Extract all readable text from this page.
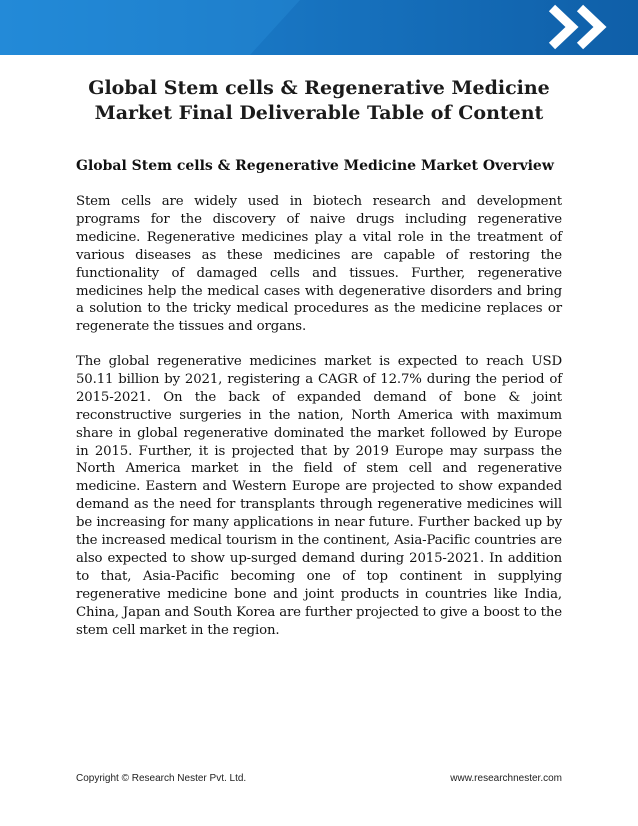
Global Stem cells & Regenerative Medicine
Market Final Deliverable Table of Content
Global Stem cells & Regenerative Medicine Market Overview

Stem cells are widely used in biotech research and development programs for the discovery of naive drugs including regenerative medicine. Regenerative medicines play a vital role in the treatment of various diseases as these medicines are capable of restoring the functionality of damaged cells and tissues. Further, regenerative medicines help the medical cases with degenerative disorders and bring a solution to the tricky medical procedures as the medicine replaces or regenerate the tissues and organs.

The global regenerative medicines market is expected to reach USD 50.11 billion by 2021, registering a CAGR of 12.7% during the period of 2015-2021. On the back of expanded demand of bone & joint reconstructive surgeries in the nation, North America with maximum share in global regenerative dominated the market followed by Europe in 2015. Further, it is projected that by 2019 Europe may surpass the North America market in the field of stem cell and regenerative medicine. Eastern and Western Europe are projected to show expanded demand as the need for transplants through regenerative medicines will be increasing for many applications in near future. Further backed up by the increased medical tourism in the continent, Asia-Pacific countries are also expected to show up-surged demand during 2015-2021. In addition to that, Asia-Pacific becoming one of top continent in supplying regenerative medicine bone and joint products in countries like India, China, Japan and South Korea are further projected to give a boost to the stem cell market in the region.

Copyright © Research Nester Pvt. Ltd.	www.researchnester.com
